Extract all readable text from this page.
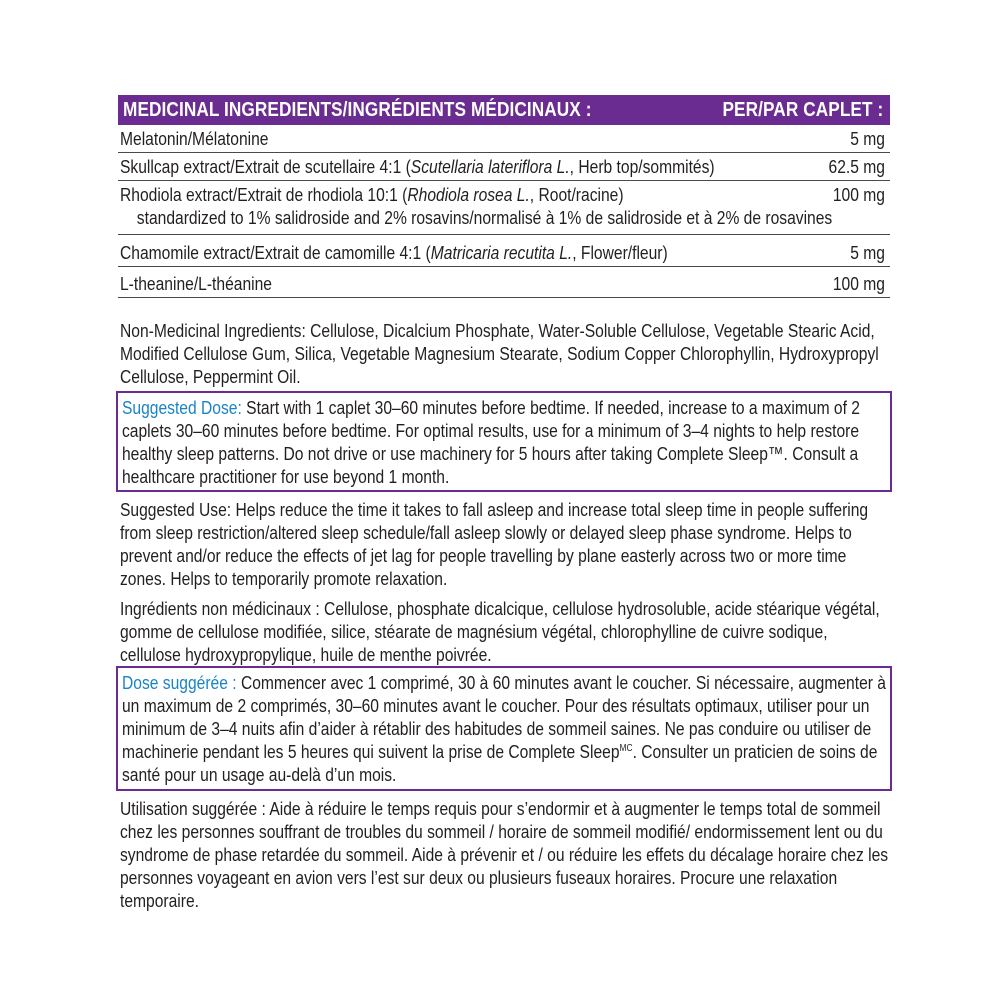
MEDICINAL INGREDIENTS/INGRÉDIENTS MÉDICINAUX :	PER/PAR CAPLET :
Melatonin/Mélatonine	5 mg
Skullcap extract/Extrait de scutellaire 4:1 (Scutellaria lateriflora L., Herb top/sommités)	62.5 mg
Rhodiola extract/Extrait de rhodiola 10:1 (Rhodiola rosea L., Root/racine)	100 mg
standardized to 1% salidroside and 2% rosavins/normalisé à 1% de salidroside et à 2% de rosavines
Chamomile extract/Extrait de camomille 4:1 (Matricaria recutita L., Flower/fleur)	5 mg
L-theanine/L-théanine	100 mg

Non-Medicinal Ingredients: Cellulose, Dicalcium Phosphate, Water-Soluble Cellulose, Vegetable Stearic Acid, Modified Cellulose Gum, Silica, Vegetable Magnesium Stearate, Sodium Copper Chlorophyllin, Hydroxypropyl Cellulose, Peppermint Oil.

Suggested Dose: Start with 1 caplet 30–60 minutes before bedtime. If needed, increase to a maximum of 2 caplets 30–60 minutes before bedtime. For optimal results, use for a minimum of 3–4 nights to help restore healthy sleep patterns. Do not drive or use machinery for 5 hours after taking Complete Sleep™. Consult a healthcare practitioner for use beyond 1 month.

Suggested Use: Helps reduce the time it takes to fall asleep and increase total sleep time in people suffering from sleep restriction/altered sleep schedule/fall asleep slowly or delayed sleep phase syndrome. Helps to prevent and/or reduce the effects of jet lag for people travelling by plane easterly across two or more time zones. Helps to temporarily promote relaxation.

Ingrédients non médicinaux : Cellulose, phosphate dicalcique, cellulose hydrosoluble, acide stéarique végétal, gomme de cellulose modifiée, silice, stéarate de magnésium végétal, chlorophylline de cuivre sodique, cellulose hydroxypropylique, huile de menthe poivrée.

Dose suggérée : Commencer avec 1 comprimé, 30 à 60 minutes avant le coucher. Si nécessaire, augmenter à un maximum de 2 comprimés, 30–60 minutes avant le coucher. Pour des résultats optimaux, utiliser pour un minimum de 3–4 nuits afin d’aider à rétablir des habitudes de sommeil saines. Ne pas conduire ou utiliser de machinerie pendant les 5 heures qui suivent la prise de Complete Sleep$^{MC}$. Consulter un praticien de soins de santé pour un usage au-delà d’un mois.

Utilisation suggérée : Aide à réduire le temps requis pour s’endormir et à augmenter le temps total de sommeil chez les personnes souffrant de troubles du sommeil / horaire de sommeil modifié/ endormissement lent ou du syndrome de phase retardée du sommeil. Aide à prévenir et / ou réduire les effets du décalage horaire chez les personnes voyageant en avion vers l’est sur deux ou plusieurs fuseaux horaires. Procure une relaxation temporaire.
